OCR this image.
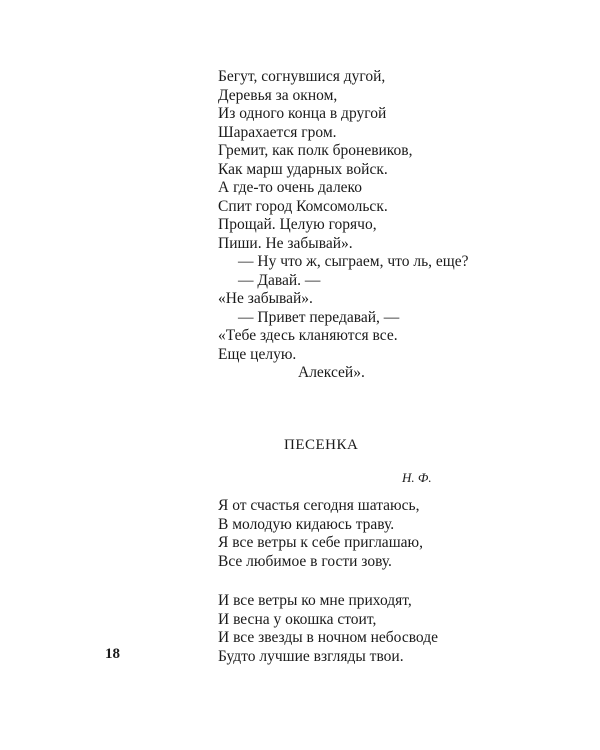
Бегут, согнувшися дугой,
Деревья за окном,
Из одного конца в другой
Шарахается гром.
Гремит, как полк броневиков,
Как марш ударных войск.
А где-то очень далеко
Спит город Комсомольск.
Прощай. Целую горячо,
Пиши. Не забывай».
— Ну что ж, сыграем, что ль, еще?
— Давай. —
«Не забывай».
— Привет передавай, —
«Тебе здесь кланяются все.
Еще целую.
Алексей».
ПЕСЕНКА
Н. Ф.
Я от счастья сегодня шатаюсь,
В молодую кидаюсь траву.
Я все ветры к себе приглашаю,
Все любимое в гости зову.
И все ветры ко мне приходят,
И весна у окошка стоит,
И все звезды в ночном небосводе
Будто лучшие взгляды твои.
18
